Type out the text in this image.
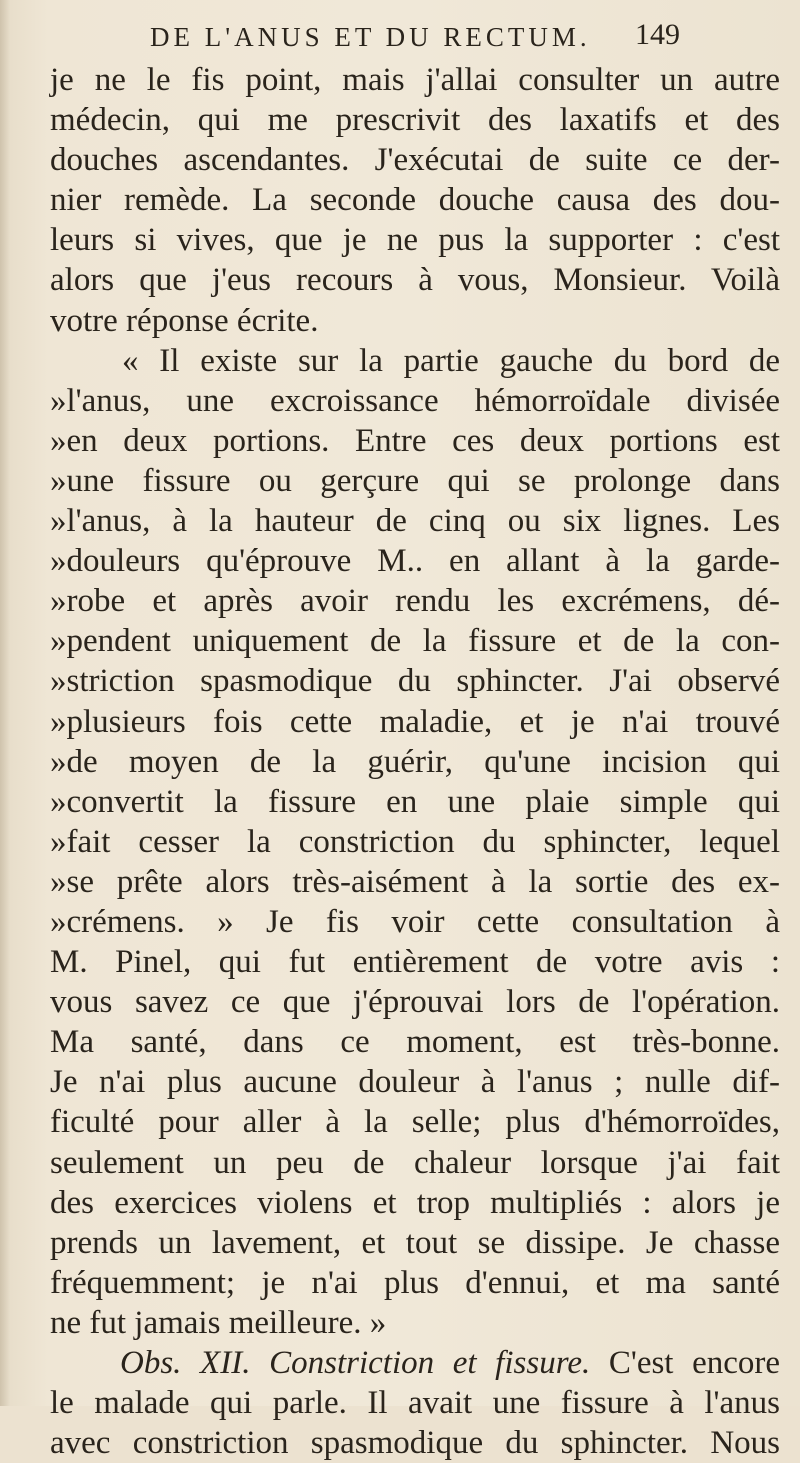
DE L'ANUS ET DU RECTUM. 149
je ne le fis point, mais j'allai consulter un autre
médecin, qui me prescrivit des laxatifs et des
douches ascendantes. J'exécutai de suite ce der-
nier remède. La seconde douche causa des dou-
leurs si vives, que je ne pus la supporter : c'est
alors que j'eus recours à vous, Monsieur. Voilà
votre réponse écrite.
« Il existe sur la partie gauche du bord de
»l'anus, une excroissance hémorroïdale divisée
»en deux portions. Entre ces deux portions est
»une fissure ou gerçure qui se prolonge dans
»l'anus, à la hauteur de cinq ou six lignes. Les
»douleurs qu'éprouve M.. en allant à la garde-
»robe et après avoir rendu les excrémens, dé-
»pendent uniquement de la fissure et de la con-
»striction spasmodique du sphincter. J'ai observé
»plusieurs fois cette maladie, et je n'ai trouvé
»de moyen de la guérir, qu'une incision qui
»convertit la fissure en une plaie simple qui
»fait cesser la constriction du sphincter, lequel
»se prête alors très-aisément à la sortie des ex-
»crémens. » Je fis voir cette consultation à
M. Pinel, qui fut entièrement de votre avis :
vous savez ce que j'éprouvai lors de l'opération.
Ma santé, dans ce moment, est très-bonne.
Je n'ai plus aucune douleur à l'anus ; nulle dif-
ficulté pour aller à la selle; plus d'hémorroïdes,
seulement un peu de chaleur lorsque j'ai fait
des exercices violens et trop multipliés : alors je
prends un lavement, et tout se dissipe. Je chasse
fréquemment; je n'ai plus d'ennui, et ma santé
ne fut jamais meilleure. »
Obs. XII. Constriction et fissure. C'est encore
le malade qui parle. Il avait une fissure à l'anus
avec constriction spasmodique du sphincter. Nous
